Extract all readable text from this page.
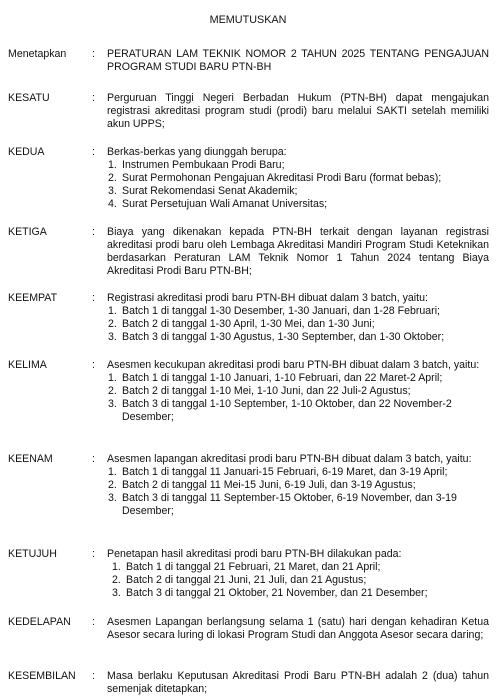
MEMUTUSKAN
Menetapkan : PERATURAN LAM TEKNIK NOMOR 2 TAHUN 2025 TENTANG PENGAJUAN PROGRAM STUDI BARU PTN-BH

KESATU	: Perguruan Tinggi Negeri Berbadan Hukum (PTN-BH) dapat mengajukan registrasi akreditasi program studi (prodi) baru melalui SAKTI setelah memiliki akun UPPS;

KEDUA	: Berkas-berkas yang diunggah berupa:

1. Instrumen Pembukaan Prodi Baru;
2. Surat Permohonan Pengajuan Akreditasi Prodi Baru (format bebas);
3. Surat Rekomendasi Senat Akademik;
4. Surat Persetujuan Wali Amanat Universitas;
KETIGA	: Biaya yang dikenakan kepada PTN-BH terkait dengan layanan registrasi akreditasi prodi baru oleh Lembaga Akreditasi Mandiri Program Studi Keteknikan berdasarkan Peraturan LAM Teknik Nomor 1 Tahun 2024 tentang Biaya Akreditasi Prodi Baru PTN-BH;

KEEMPAT	: Registrasi akreditasi prodi baru PTN-BH dibuat dalam 3 batch, yaitu:

1. Batch 1 di tanggal 1-30 Desember, 1-30 Januari, dan 1-28 Februari;
2. Batch 2 di tanggal 1-30 April, 1-30 Mei, dan 1-30 Juni;
3. Batch 3 di tanggal 1-30 Agustus, 1-30 September, dan 1-30 Oktober;
KELIMA	: Asesmen kecukupan akreditasi prodi baru PTN-BH dibuat dalam 3 batch, yaitu:

1. Batch 1 di tanggal 1-10 Januari, 1-10 Februari, dan 22 Maret-2 April;
2. Batch 2 di tanggal 1-10 Mei, 1-10 Juni, dan 22 Juli-2 Agustus;
3. Batch 3 di tanggal 1-10 September, 1-10 Oktober, dan 22 November-2 Desember;
KEENAM	: Asesmen lapangan akreditasi prodi baru PTN-BH dibuat dalam 3 batch, yaitu:

1. Batch 1 di tanggal 11 Januari-15 Februari, 6-19 Maret, dan 3-19 April;
2. Batch 2 di tanggal 11 Mei-15 Juni, 6-19 Juli, dan 3-19 Agustus;
3. Batch 3 di tanggal 11 September-15 Oktober, 6-19 November, dan 3-19 Desember;
KETUJUH	: Penetapan hasil akreditasi prodi baru PTN-BH dilakukan pada:

1. Batch 1 di tanggal 21 Februari, 21 Maret, dan 21 April;
2. Batch 2 di tanggal 21 Juni, 21 Juli, dan 21 Agustus;
3. Batch 3 di tanggal 21 Oktober, 21 November, dan 21 Desember;
KEDELAPAN : Asesmen Lapangan berlangsung selama 1 (satu) hari dengan kehadiran Ketua Asesor secara luring di lokasi Program Studi dan Anggota Asesor secara daring;

KESEMBILAN : Masa berlaku Keputusan Akreditasi Prodi Baru PTN-BH adalah 2 (dua) tahun semenjak ditetapkan;
